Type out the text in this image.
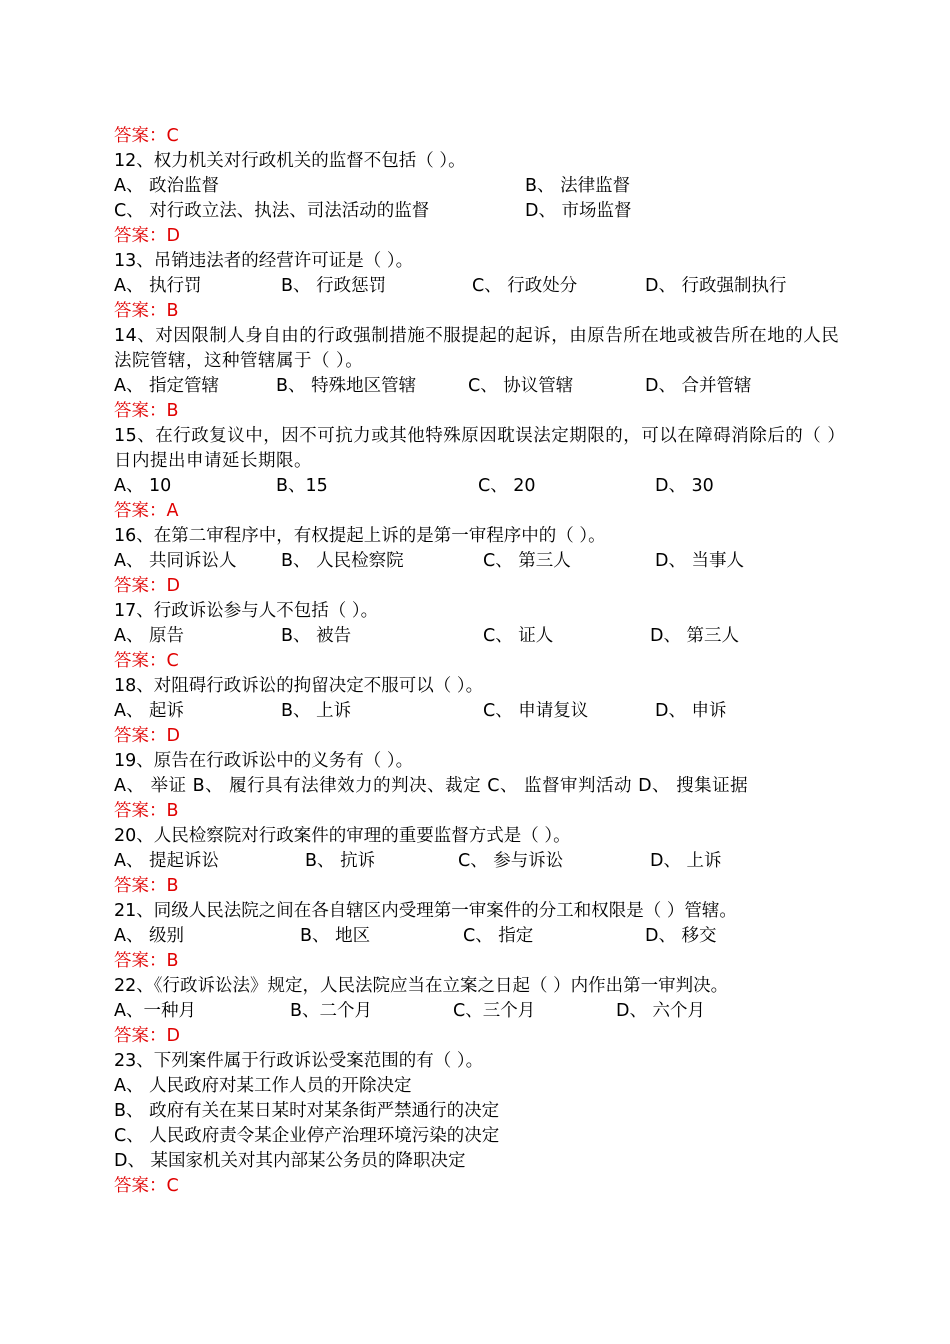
答案：C
12、权力机关对行政机关的监督不包括（ ）。
A、 政治监督	B、 法律监督
C、 对行政立法、执法、司法活动的监督	D、 市场监督
答案：D
13、吊销违法者的经营许可证是（ ）。
A、 执行罚	B、 行政惩罚	C、 行政处分	D、 行政强制执行
答案：B
14、对因限制人身自由的行政强制措施不服提起的起诉，由原告所在地或被告所在地的人民法院管辖，这种管辖属于（ ）。
A、 指定管辖	B、 特殊地区管辖	C、 协议管辖	D、 合并管辖
答案：B
15、在行政复议中，因不可抗力或其他特殊原因耽误法定期限的，可以在障碍消除后的（ ）日内提出申请延长期限。
A、 10	B、15	C、 20	D、 30
答案：A
16、在第二审程序中，有权提起上诉的是第一审程序中的（ ）。
A、 共同诉讼人	B、 人民检察院	C、 第三人	D、 当事人
答案：D
17、行政诉讼参与人不包括（ ）。
A、 原告	B、 被告	C、 证人	D、 第三人
答案：C
18、对阻碍行政诉讼的拘留决定不服可以（ ）。
A、 起诉	B、 上诉	C、 申请复议	D、 申诉
答案：D
19、原告在行政诉讼中的义务有（ ）。
A、 举证 B、 履行具有法律效力的判决、裁定 C、 监督审判活动 D、 搜集证据
答案：B
20、人民检察院对行政案件的审理的重要监督方式是（ ）。
A、 提起诉讼	B、 抗诉	C、 参与诉讼	D、 上诉
答案：B
21、同级人民法院之间在各自辖区内受理第一审案件的分工和权限是（ ）管辖。
A、 级别	B、 地区	C、 指定	D、 移交
答案：B
22、《行政诉讼法》规定，人民法院应当在立案之日起（ ）内作出第一审判决。
A、一种月	B、二个月	C、三个月	D、 六个月
答案：D
23、下列案件属于行政诉讼受案范围的有（ ）。
A、 人民政府对某工作人员的开除决定
B、 政府有关在某日某时对某条街严禁通行的决定
C、 人民政府责令某企业停产治理环境污染的决定
D、 某国家机关对其内部某公务员的降职决定
答案：C
